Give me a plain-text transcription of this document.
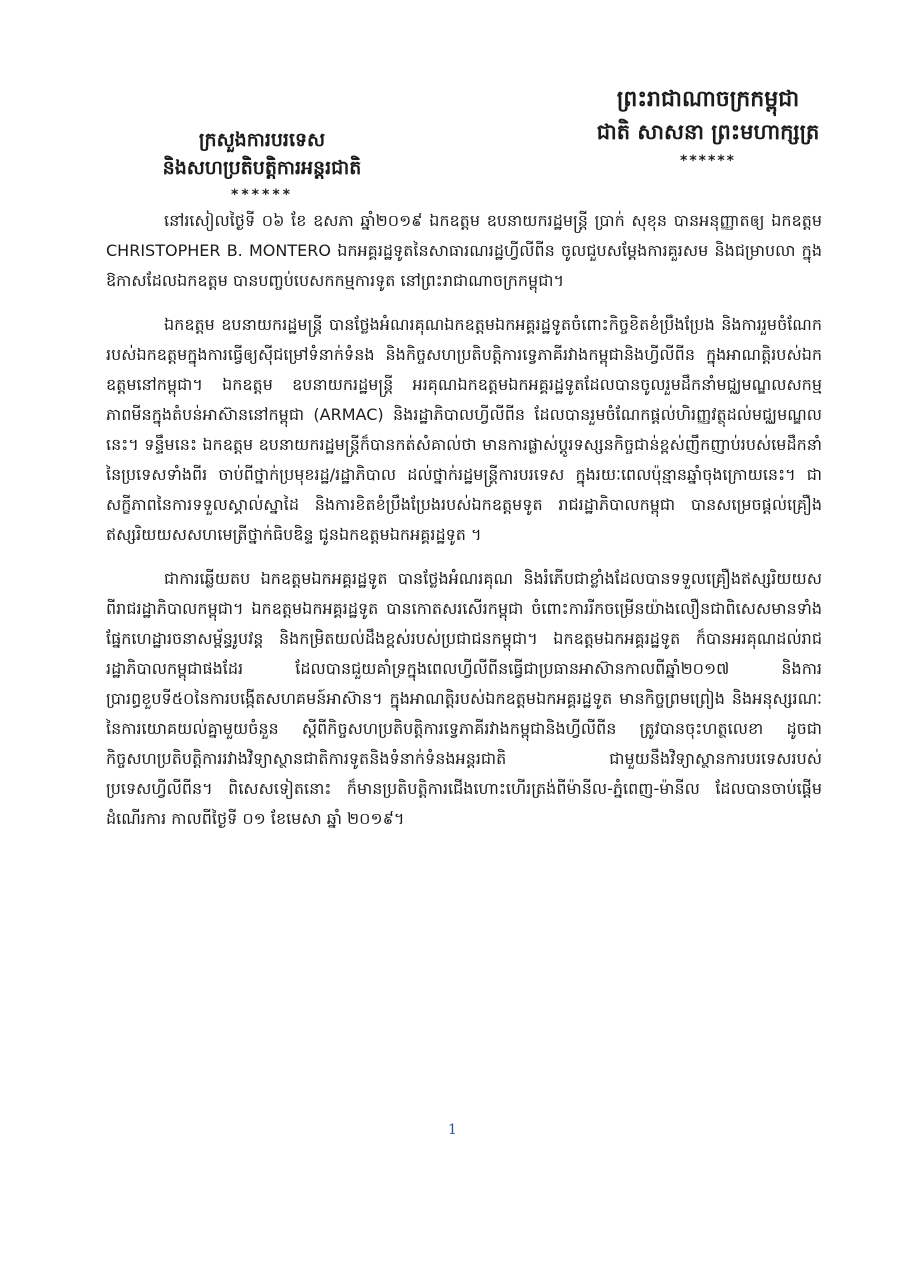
ព្រះរាជាណាចក្រកម្ពុជា
ជាតិ សាសនា ព្រះមហាក្សត្រ
******
ក្រសួងការបរទេស
និងសហប្រតិបត្តិការអន្តរជាតិ
******

នៅរសៀលថ្ងៃទី ០៦ ខែ ឧសភា ឆ្នាំ២០១៩ ឯកឧត្តម ឧបនាយករដ្ឋមន្ត្រី ប្រាក់ សុខុន បានអនុញ្ញាតឲ្យ ឯកឧត្តម CHRISTOPHER B. MONTERO ឯកអគ្គរដ្ឋទូតនៃសាធារណរដ្ឋហ្វីលីពីន ចូលជួបសម្តែងការគួរសម និងជម្រាបលា ក្នុងឱកាសដែលឯកឧត្តម បានបញ្ចប់បេសកកម្មការទូត នៅព្រះរាជាណាចក្រកម្ពុជា។

ឯកឧត្តម ឧបនាយករដ្ឋមន្ត្រី បានថ្លែងអំណរគុណឯកឧត្តមឯកអគ្គរដ្ឋទូតចំពោះកិច្ចខិតខំប្រឹងប្រែង និងការរួមចំណែករបស់ឯកឧត្តមក្នុងការធ្វើឲ្យស៊ីជម្រៅទំនាក់ទំនង និងកិច្ចសហប្រតិបត្តិការទ្វេភាគីរវាងកម្ពុជានិងហ្វីលីពីន ក្នុងអាណត្តិរបស់ឯកឧត្តមនៅកម្ពុជា។ ឯកឧត្តម ឧបនាយករដ្ឋមន្ត្រី អរគុណឯកឧត្តមឯកអគ្គរដ្ឋទូតដែលបានចូលរួមដឹកនាំមជ្ឈមណ្ឌលសកម្មភាពមីនក្នុងតំបន់អាស៊ាននៅកម្ពុជា (ARMAC) និងរដ្ឋាភិបាលហ្វីលីពីន ដែលបានរួមចំណែកផ្តល់ហិរញ្ញវត្ថុដល់មជ្ឈមណ្ឌលនេះ។ ទន្ទឹមនេះ ឯកឧត្តម ឧបនាយករដ្ឋមន្ត្រីក៏បានកត់សំគាល់ថា មានការផ្លាស់ប្តូរទស្សនកិច្ចជាន់ខ្ពស់ញឹកញាប់របស់មេដឹកនាំនៃប្រទេសទាំងពីរ ចាប់ពីថ្នាក់ប្រមុខរដ្ឋ/រដ្ឋាភិបាល ដល់ថ្នាក់រដ្ឋមន្ត្រីការបរទេស ក្នុងរយៈពេលប៉ុន្មានឆ្នាំចុងក្រោយនេះ។ ជាសក្ខីភាពនៃការទទួលស្គាល់ស្នាដៃ និងការខិតខំប្រឹងប្រែងរបស់ឯកឧត្តមទូត រាជរដ្ឋាភិបាលកម្ពុជា បានសម្រេចផ្តល់គ្រឿងឥស្សរិយយសសហមេត្រីថ្នាក់ធិបឌិន្ទ ជូនឯកឧត្តមឯកអគ្គរដ្ឋទូត ។

ជាការឆ្លើយតប ឯកឧត្តមឯកអគ្គរដ្ឋទូត បានថ្លែងអំណរគុណ និងរំភើបជាខ្លាំងដែលបានទទួលគ្រឿងឥស្សរិយយស ពីរាជរដ្ឋាភិបាលកម្ពុជា។ ឯកឧត្តមឯកអគ្គរដ្ឋទូត បានកោតសរសើរកម្ពុជា ចំពោះការរីកចម្រើនយ៉ាងលឿនជាពិសេសមានទាំងផ្នែកហេដ្ឋារចនាសម្ព័ន្ធរូបវន្ត និងកម្រិតយល់ដឹងខ្ពស់របស់ប្រជាជនកម្ពុជា។ ឯកឧត្តមឯកអគ្គរដ្ឋទូត ក៏បានអរគុណដល់រាជរដ្ឋាភិបាលកម្ពុជាផងដែរ ដែលបានជួយគាំទ្រក្នុងពេលហ្វីលីពីនធ្វើជាប្រធានអាស៊ានកាលពីឆ្នាំ២០១៧ និងការប្រារព្ធខួបទី៥០នៃការបង្កើតសហគមន៍អាស៊ាន។ ក្នុងអាណត្តិរបស់ឯកឧត្តមឯកអគ្គរដ្ឋទូត មានកិច្ចព្រមព្រៀង និងអនុស្សរណៈនៃការយោគយល់គ្នាមួយចំនួន ស្តីពីកិច្ចសហប្រតិបត្តិការទ្វេភាគីរវាងកម្ពុជានិងហ្វីលីពីន ត្រូវបានចុះហត្ថលេខា ដូចជា កិច្ចសហប្រតិបត្តិការរវាងវិទ្យាស្ថានជាតិការទូតនិងទំនាក់ទំនងអន្តរជាតិ ជាមួយនឹងវិទ្យាស្ថានការបរទេសរបស់ប្រទេសហ្វីលីពីន។ ពិសេសទៀតនោះ ក៏មានប្រតិបត្តិការជើងហោះហើរត្រង់ពីម៉ានីល-ភ្នំពេញ-ម៉ានីល ដែលបានចាប់ផ្តើមដំណើរការ កាលពីថ្ងៃទី ០១ ខែមេសា ឆ្នាំ ២០១៩។

1
